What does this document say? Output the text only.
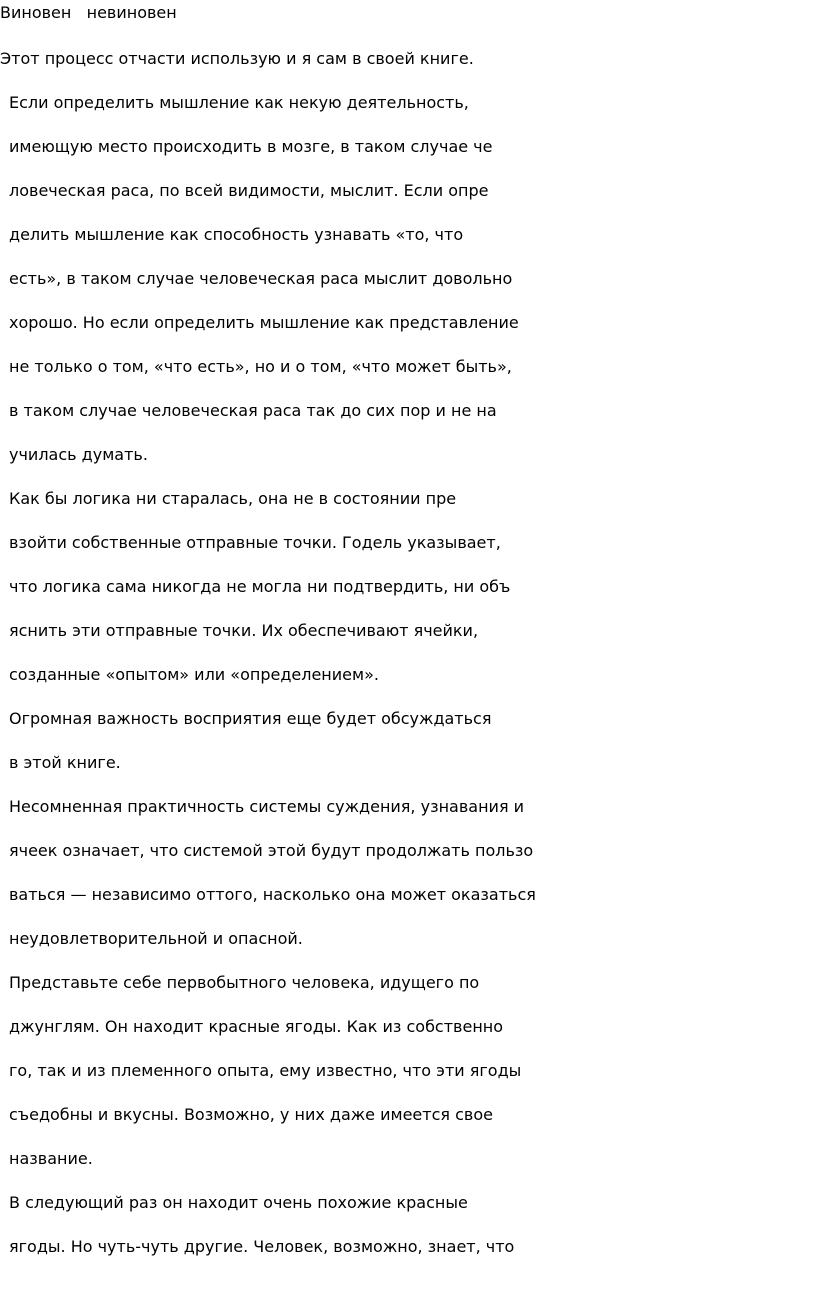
Виновен   невиновен
Этот процесс отчасти использую и я сам в своей книге.
Если определить мышление как некую деятельность,
имеющую место происходить в мозге, в таком случае че
ловеческая раса, по всей видимости, мыслит. Если опре
делить мышление как способность узнавать «то, что
есть», в таком случае человеческая раса мыслит довольно
хорошо. Но если определить мышление как представление
не только о том, «что есть», но и о том, «что может быть»,
в таком случае человеческая раса так до сих пор и не на
училась думать.
Как бы логика ни старалась, она не в состоянии пре
взойти собственные отправные точки. Годель указывает,
что логика сама никогда не могла ни подтвердить, ни объ
яснить эти отправные точки. Их обеспечивают ячейки,
созданные «опытом» или «определением».
Огромная важность восприятия еще будет обсуждаться
в этой книге.
Несомненная практичность системы суждения, узнавания и
ячеек означает, что системой этой будут продолжать пользо
ваться — независимо оттого, насколько она может оказаться
неудовлетворительной и опасной.
Представьте себе первобытного человека, идущего по
джунглям. Он находит красные ягоды. Как из собственно
го, так и из племенного опыта, ему известно, что эти ягоды
съедобны и вкусны. Возможно, у них даже имеется свое
название.
В следующий раз он находит очень похожие красные
ягоды. Но чуть-чуть другие. Человек, возможно, знает, что
